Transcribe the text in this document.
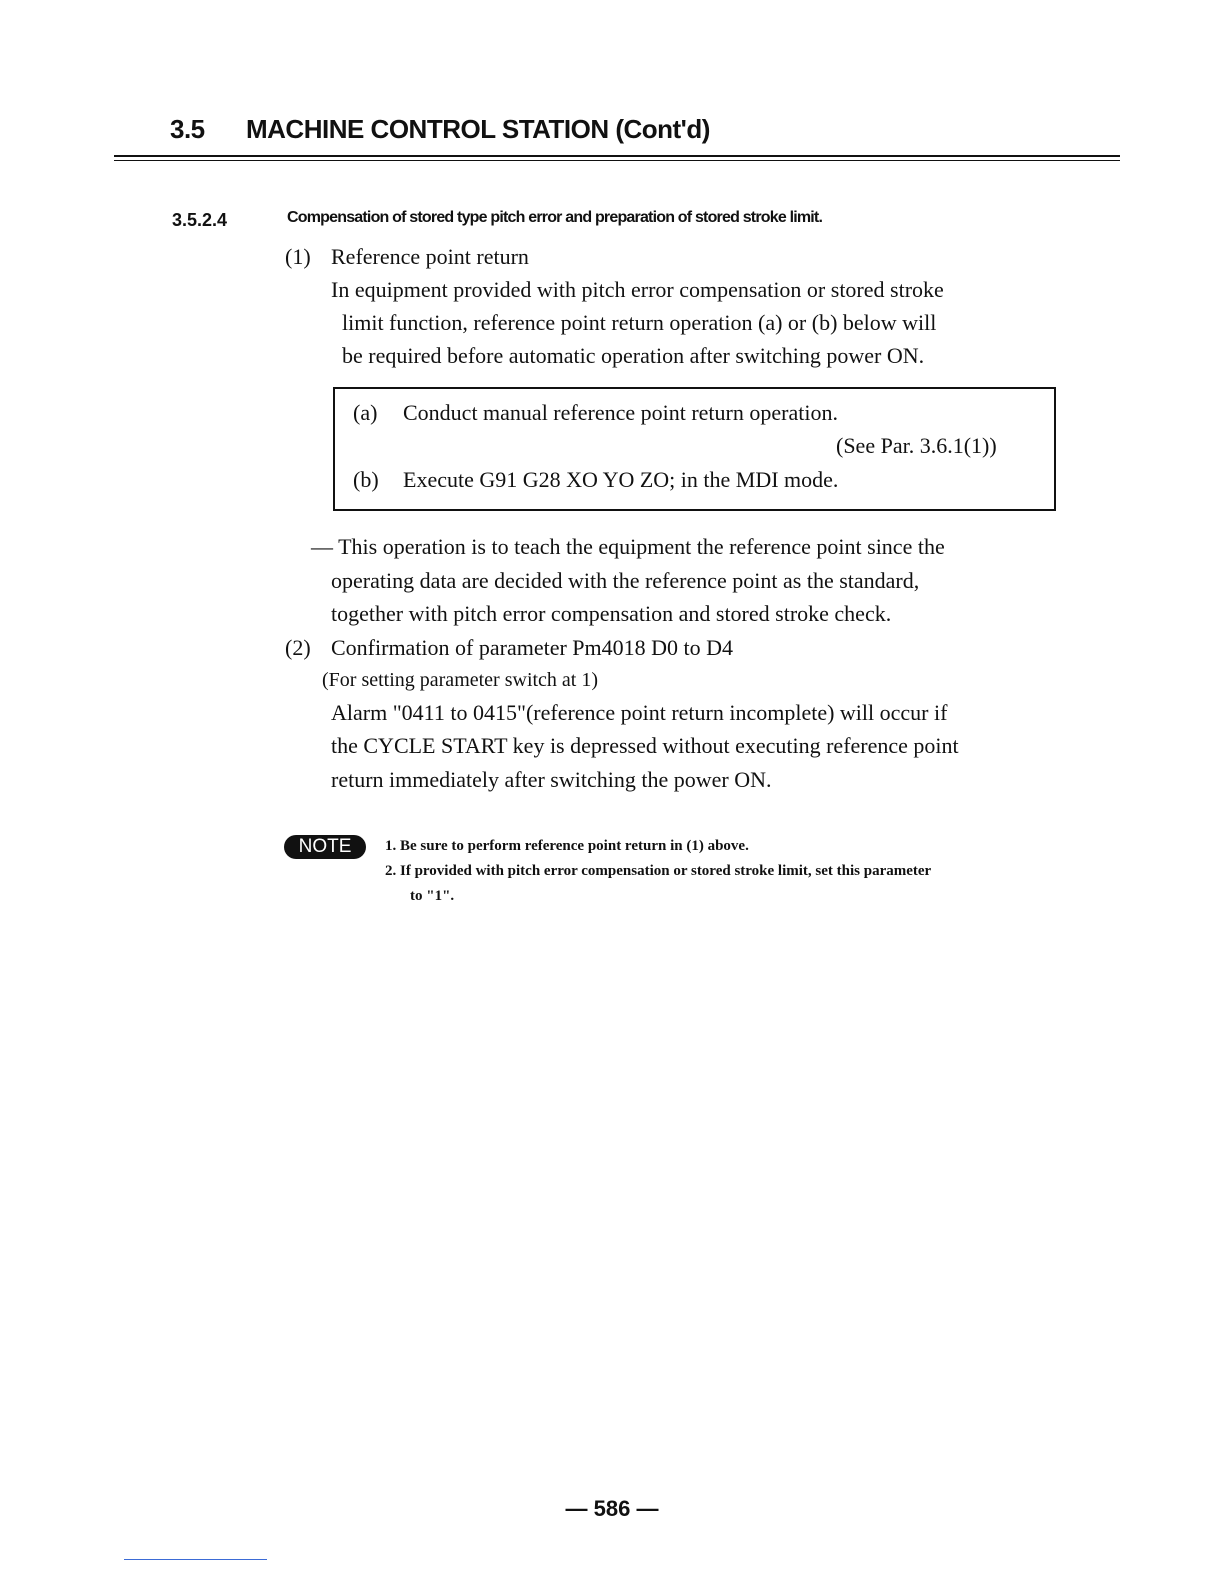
3.5 MACHINE CONTROL STATION (Cont'd)
3.5.2.4	Compensation of stored type pitch error and preparation of stored stroke limit.
(1) Reference point return
In equipment provided with pitch error compensation or stored stroke
limit function, reference point return operation (a) or (b) below will
be required before automatic operation after switching power ON.
(a) Conduct manual reference point return operation.
(See Par. 3.6.1(1))
(b) Execute G91 G28 XO YO ZO; in the MDI mode.
— This operation is to teach the equipment the reference point since the
operating data are decided with the reference point as the standard,
together with pitch error compensation and stored stroke check.
(2) Confirmation of parameter Pm4018 D0 to D4
(For setting parameter switch at 1)
Alarm "0411 to 0415"(reference point return incomplete) will occur if
the CYCLE START key is depressed without executing reference point
return immediately after switching the power ON.
NOTE	1. Be sure to perform reference point return in (1) above.
2. If provided with pitch error compensation or stored stroke limit, set this parameter
to "1".
— 586 —
